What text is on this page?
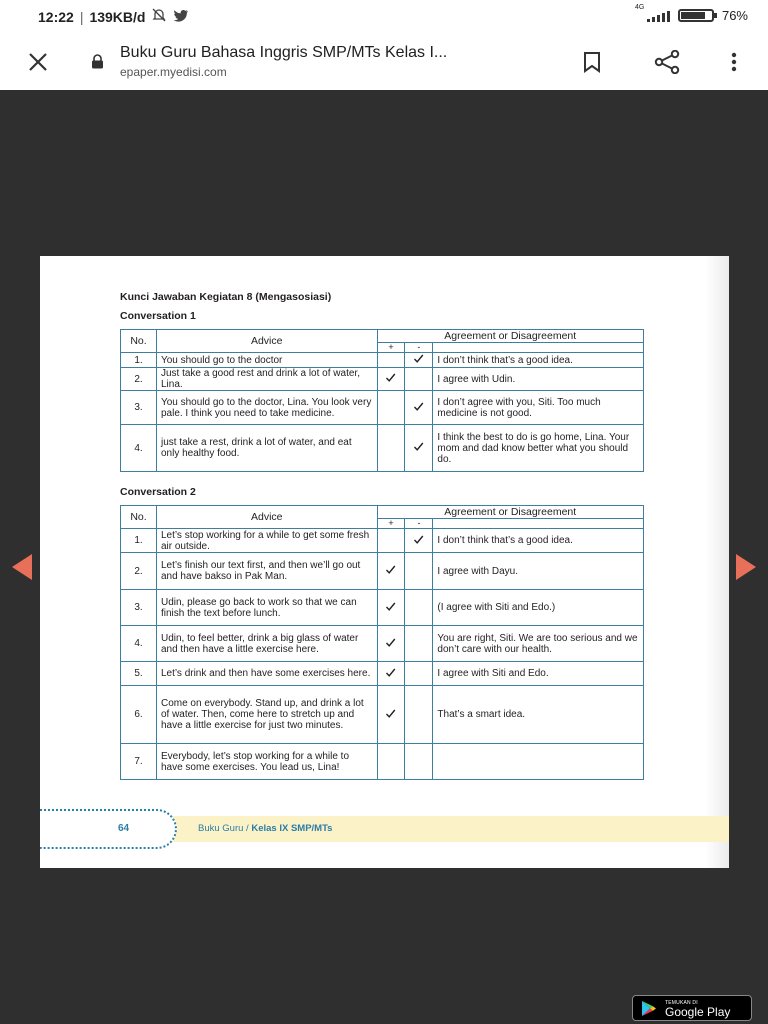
12:22 | 139KB/d
4G
76%
Buku Guru Bahasa Inggris SMP/MTs Kelas I...
epaper.myedisi.com
Kunci Jawaban Kegiatan 8 (Mengasosiasi)
Conversation 1
No.	Advice	Agreement or Disagreement		
		+	-	
1.	You should go to the doctor			I don’t think that’s a good idea.
2.	Just take a good rest and drink a lot of water, Lina.			I agree with Udin.
3.	You should go to the doctor, Lina. You look very pale. I think you need to take medicine.			I don’t agree with you, Siti. Too much medicine is not good.
4.	just take a rest, drink a lot of water, and eat only healthy food.			I think the best to do is go home, Lina. Your mom and dad know better what you should do.
Conversation 2
No.	Advice	Agreement or Disagreement		
		+	-	
1.	Let’s stop working for a while to get some fresh air outside.			I don’t think that’s a good idea.
2.	Let’s finish our text first, and then we’ll go out and have bakso in Pak Man.			I agree with Dayu.
3.	Udin, please go back to work so that we can finish the text before lunch.			(I agree with Siti and Edo.)
4.	Udin, to feel better, drink a big glass of water and then have a little exercise here.			You are right, Siti. We are too serious and we don’t care with our health.
5.	Let’s drink and then have some exercises here.			I agree with Siti and Edo.
6.	Come on everybody. Stand up, and drink a lot of water. Then, come here to stretch up and have a little exercise for just two minutes.			That’s a smart idea.
7.	Everybody, let’s stop working for a while to have some exercises. You lead us, Lina!			
Buku Guru / Kelas IX SMP/MTs
64
TEMUKAN DI
Google Play
